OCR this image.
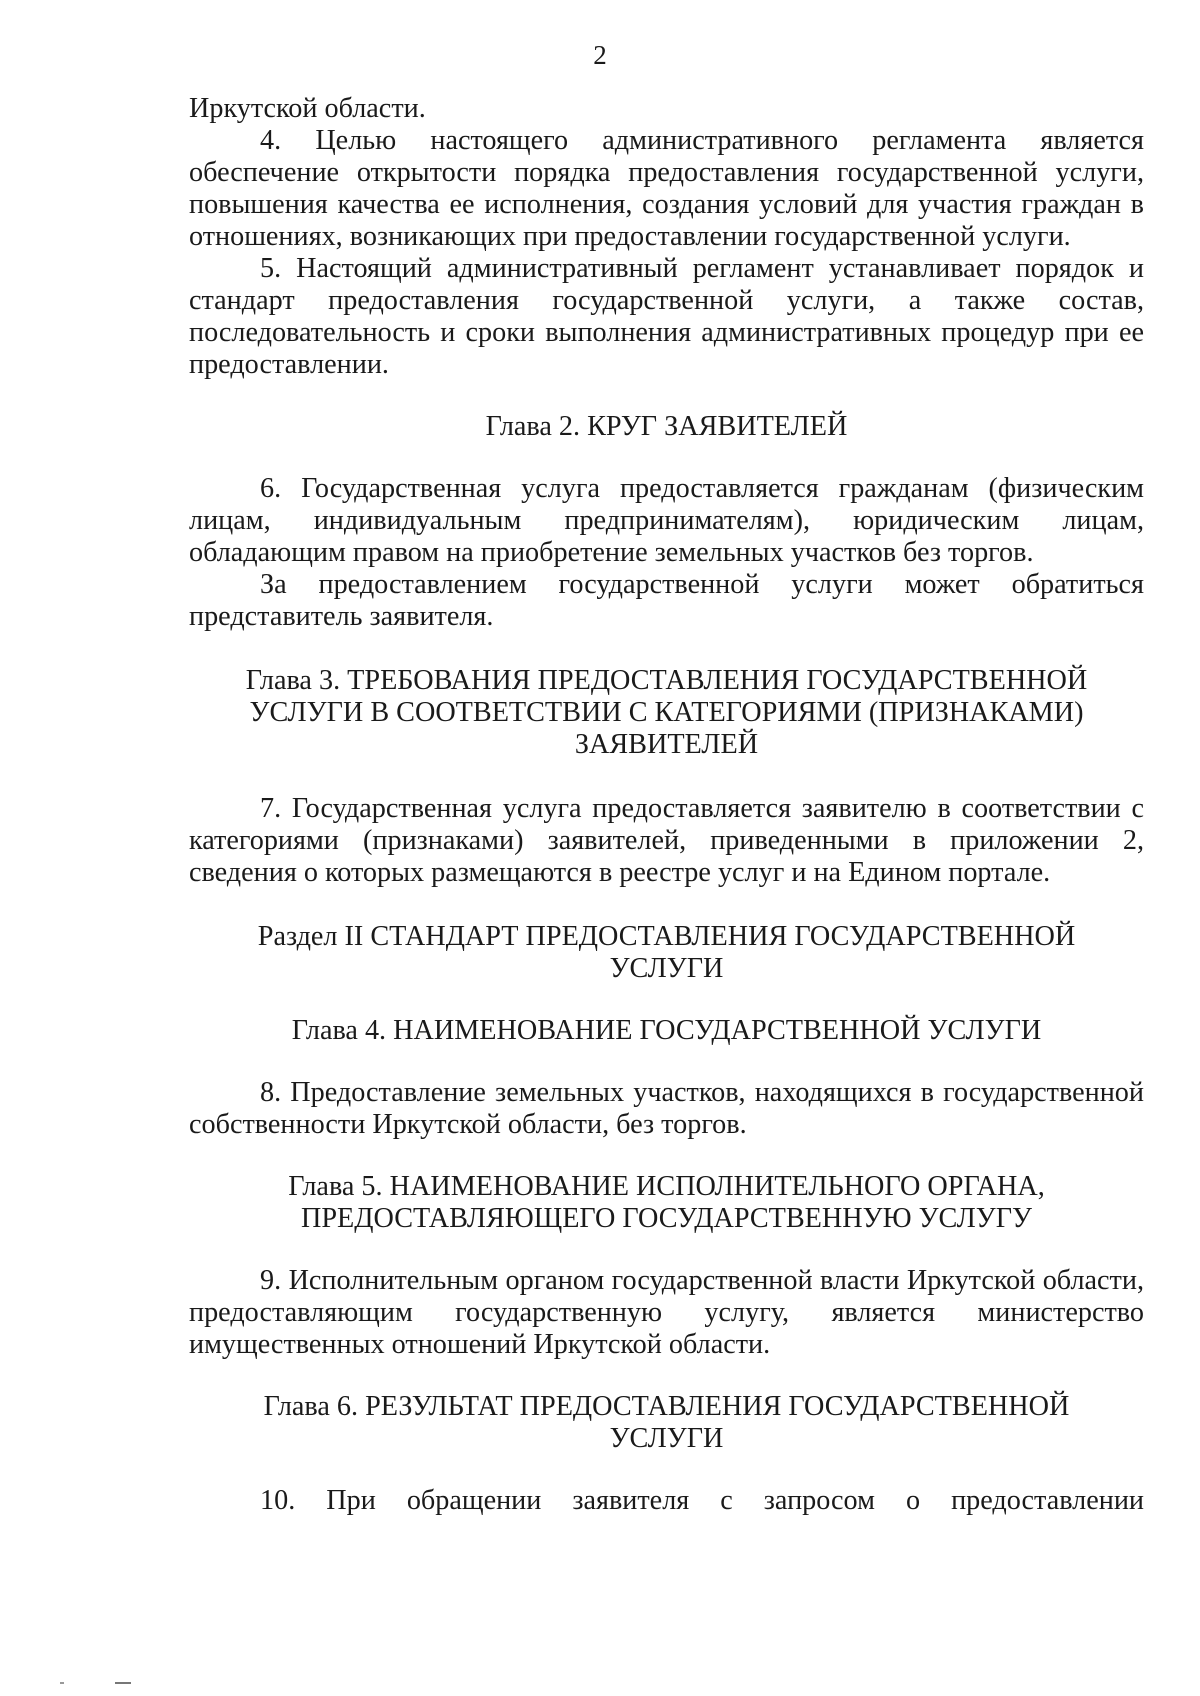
2

Иркутской области.

4. Целью настоящего административного регламента является обеспечение открытости порядка предоставления государственной услуги, повышения качества ее исполнения, создания условий для участия граждан в отношениях, возникающих при предоставлении государственной услуги.

5. Настоящий административный регламент устанавливает порядок и стандарт предоставления государственной услуги, а также состав, последовательность и сроки выполнения административных процедур при ее предоставлении.

Глава 2. КРУГ ЗАЯВИТЕЛЕЙ

6. Государственная услуга предоставляется гражданам (физическим лицам, индивидуальным предпринимателям), юридическим лицам, обладающим правом на приобретение земельных участков без торгов.

За предоставлением государственной услуги может обратиться представитель заявителя.

Глава 3. ТРЕБОВАНИЯ ПРЕДОСТАВЛЕНИЯ ГОСУДАРСТВЕННОЙ УСЛУГИ В СООТВЕТСТВИИ С КАТЕГОРИЯМИ (ПРИЗНАКАМИ) ЗАЯВИТЕЛЕЙ

7. Государственная услуга предоставляется заявителю в соответствии с категориями (признаками) заявителей, приведенными в приложении 2, сведения о которых размещаются в реестре услуг и на Едином портале.

Раздел II СТАНДАРТ ПРЕДОСТАВЛЕНИЯ ГОСУДАРСТВЕННОЙ УСЛУГИ
Глава 4. НАИМЕНОВАНИЕ ГОСУДАРСТВЕННОЙ УСЛУГИ

8. Предоставление земельных участков, находящихся в государственной собственности Иркутской области, без торгов.

Глава 5. НАИМЕНОВАНИЕ ИСПОЛНИТЕЛЬНОГО ОРГАНА, ПРЕДОСТАВЛЯЮЩЕГО ГОСУДАРСТВЕННУЮ УСЛУГУ

9. Исполнительным органом государственной власти Иркутской области, предоставляющим государственную услугу, является министерство имущественных отношений Иркутской области.

Глава 6. РЕЗУЛЬТАТ ПРЕДОСТАВЛЕНИЯ ГОСУДАРСТВЕННОЙ УСЛУГИ

10. При обращении заявителя с запросом о предоставлении
